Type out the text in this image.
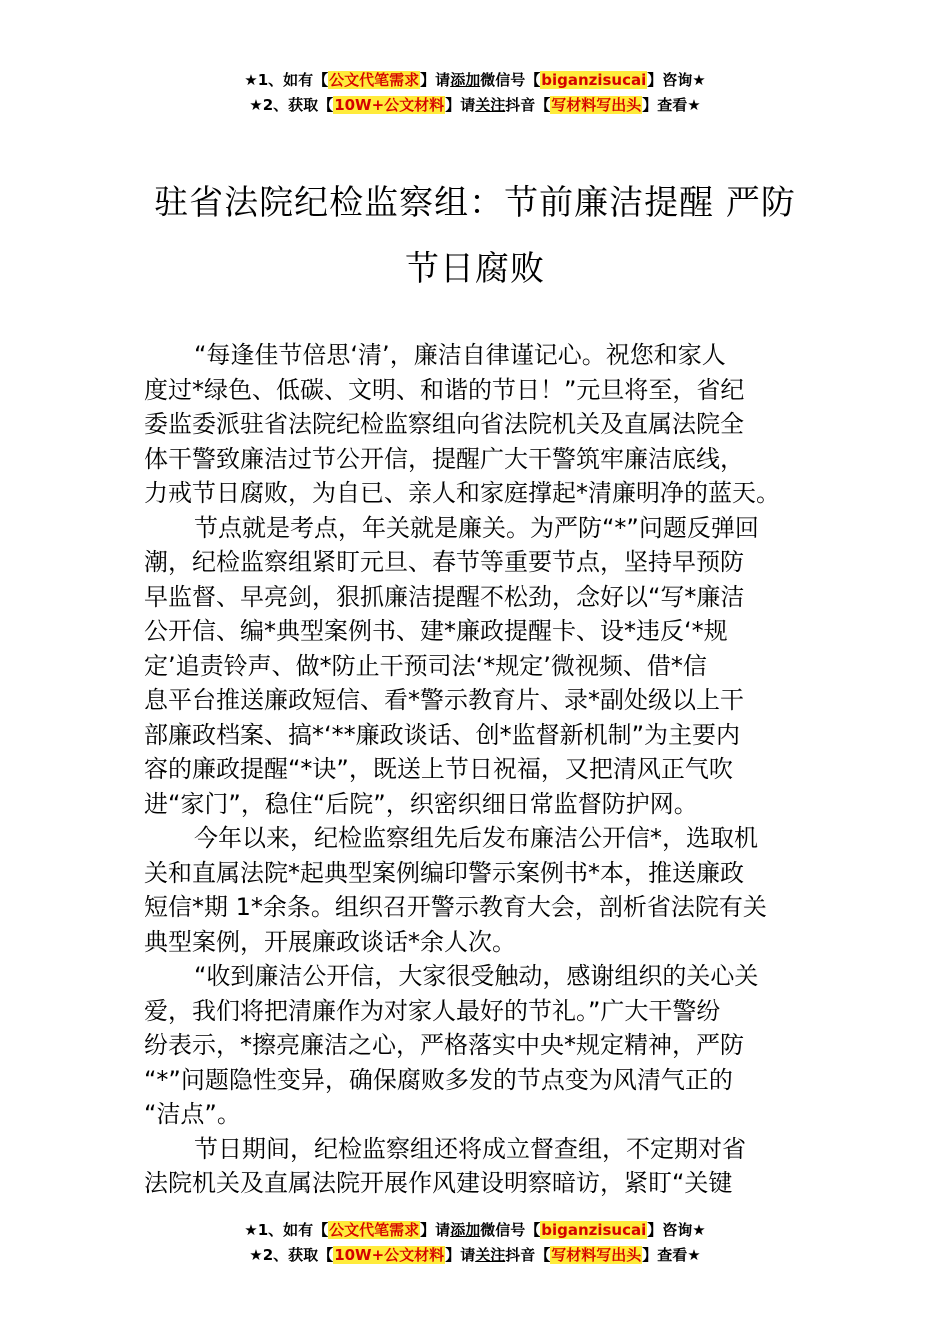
★1、如有【公文代笔需求】请添加微信号【biganzisucai】咨询★
★2、获取【10W+公文材料】请关注抖音【写材料写出头】查看★
驻省法院纪检监察组：节前廉洁提醒 严防
节日腐败
“每逢佳节倍思‘清’，廉洁自律谨记心。祝您和家人
度过*绿色、低碳、文明、和谐的节日！”元旦将至，省纪
委监委派驻省法院纪检监察组向省法院机关及直属法院全
体干警致廉洁过节公开信，提醒广大干警筑牢廉洁底线，
力戒节日腐败，为自已、亲人和家庭撑起*清廉明净的蓝天。
节点就是考点，年关就是廉关。为严防“*”问题反弹回
潮，纪检监察组紧盯元旦、春节等重要节点，坚持早预防
早监督、早亮剑，狠抓廉洁提醒不松劲，念好以“写*廉洁
公开信、编*典型案例书、建*廉政提醒卡、设*违反‘*规
定’追责铃声、做*防止干预司法‘*规定’微视频、借*信
息平台推送廉政短信、看*警示教育片、录*副处级以上干
部廉政档案、搞*‘**廉政谈话、创*监督新机制”为主要内
容的廉政提醒“*诀”，既送上节日祝福，又把清风正气吹
进“家门”，稳住“后院”，织密织细日常监督防护网。
今年以来，纪检监察组先后发布廉洁公开信*，选取机
关和直属法院*起典型案例编印警示案例书*本，推送廉政
短信*期 1*余条。组织召开警示教育大会，剖析省法院有关
典型案例，开展廉政谈话*余人次。
“收到廉洁公开信，大家很受触动，感谢组织的关心关
爱，我们将把清廉作为对家人最好的节礼。”广大干警纷
纷表示，*擦亮廉洁之心，严格落实中央*规定精神，严防
“*”问题隐性变异，确保腐败多发的节点变为风清气正的
“洁点”。
节日期间，纪检监察组还将成立督查组，不定期对省
法院机关及直属法院开展作风建设明察暗访，紧盯“关键
★1、如有【公文代笔需求】请添加微信号【biganzisucai】咨询★
★2、获取【10W+公文材料】请关注抖音【写材料写出头】查看★
